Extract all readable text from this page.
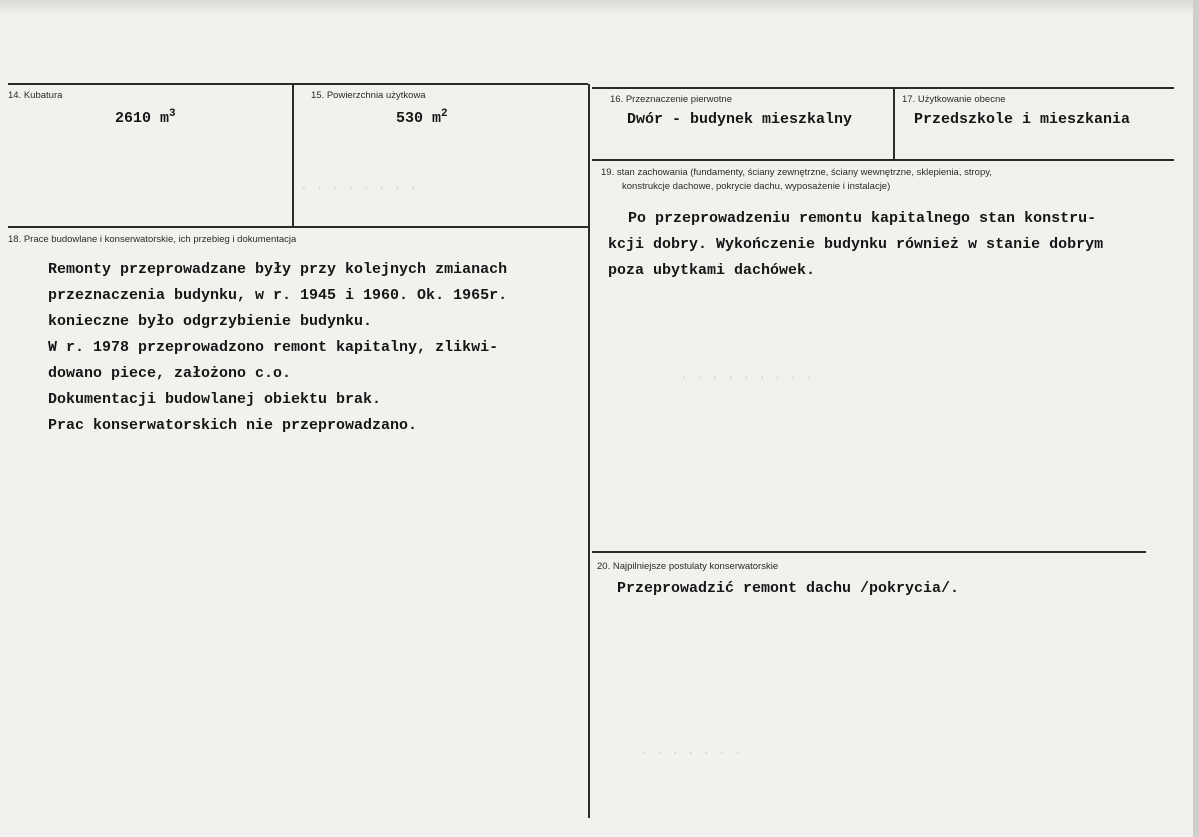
· · · · · · · ·
· · · · · · · · ·
· · · · · · ·
14. Kubatura
2610 $m^3$
15. Powierzchnia użytkowa
530 $m^2$
16. Przeznaczenie pierwotne
Dwór - budynek mieszkalny
17. Użytkowanie obecne
Przedszkole i mieszkania
19. stan zachowania (fundamenty, ściany zewnętrzne, ściany wewnętrzne, sklepienia, stropy,
konstrukcje dachowe, pokrycie dachu, wyposażenie i instalacje)
Po przeprowadzeniu remontu kapitalnego stan konstru-
kcji dobry. Wykończenie budynku również w stanie dobrym
poza ubytkami dachówek.
18. Prace budowlane i konserwatorskie, ich przebieg i dokumentacja
Remonty przeprowadzane były przy kolejnych zmianach
przeznaczenia budynku, w r. 1945 i 1960. Ok. 1965r.
konieczne było odgrzybienie budynku.
W r. 1978 przeprowadzono remont kapitalny, zlikwi-
dowano piece, założono c.o.
Dokumentacji budowlanej obiektu brak.
Prac konserwatorskich nie przeprowadzano.
20. Najpilniejsze postulaty konserwatorskie
Przeprowadzić remont dachu /pokrycia/.
